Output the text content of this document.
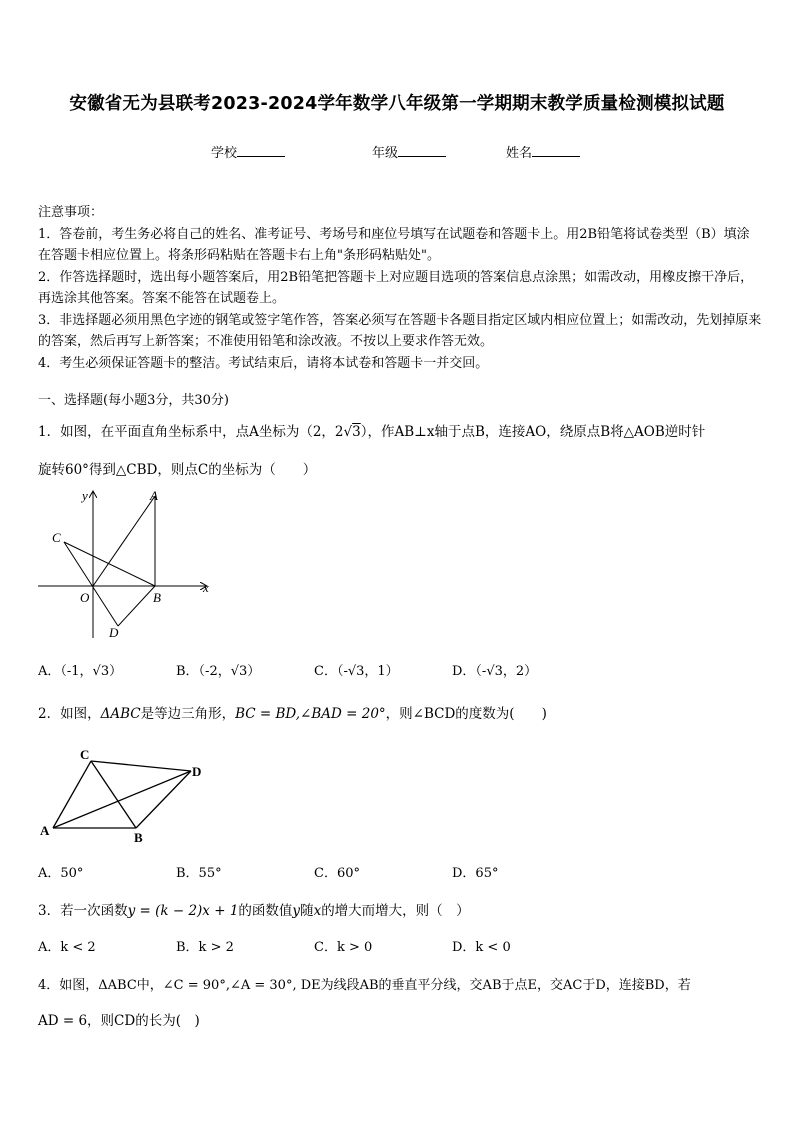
安徽省无为县联考2023-2024学年数学八年级第一学期期末教学质量检测模拟试题
学校	年级	姓名

注意事项：

1．答卷前，考生务必将自己的姓名、准考证号、考场号和座位号填写在试题卷和答题卡上。用2B铅笔将试卷类型（B）填涂在答题卡相应位置上。将条形码粘贴在答题卡右上角"条形码粘贴处"。

2．作答选择题时，选出每小题答案后，用2B铅笔把答题卡上对应题目选项的答案信息点涂黑；如需改动，用橡皮擦干净后，再选涂其他答案。答案不能答在试题卷上。

3．非选择题必须用黑色字迹的钢笔或签字笔作答，答案必须写在答题卡各题目指定区域内相应位置上；如需改动，先划掉原来的答案，然后再写上新答案；不准使用铅笔和涂改液。不按以上要求作答无效。

4．考生必须保证答题卡的整洁。考试结束后，请将本试卷和答题卡一并交回。

一、选择题(每小题3分，共30分)
1．如图，在平面直角坐标系中，点A坐标为（2，2√3），作AB⊥x轴于点B，连接AO，绕原点B将△AOB逆时针
旋转60°得到△CBD，则点C的坐标为（　　）
y
x
A
C
O	B
D
A．（-1，√3）	B．（-2，√3）	C．（-√3，1）	D．（-√3，2）
2．如图，ΔABC是等边三角形，BC = BD,∠BAD = 20°，则∠BCD的度数为(　　)
C
D
A	B
A．50°	B．55°	C．60°	D．65°
3．若一次函数y = (k − 2)x + 1的函数值y随x的增大而增大，则（　）
A．k < 2	B．k > 2	C．k > 0	D．k < 0
4．如图，ΔABC中，∠C = 90°,∠A = 30°, DE为线段AB的垂直平分线，交AB于点E，交AC于D，连接BD，若
AD = 6，则CD的长为(　)
